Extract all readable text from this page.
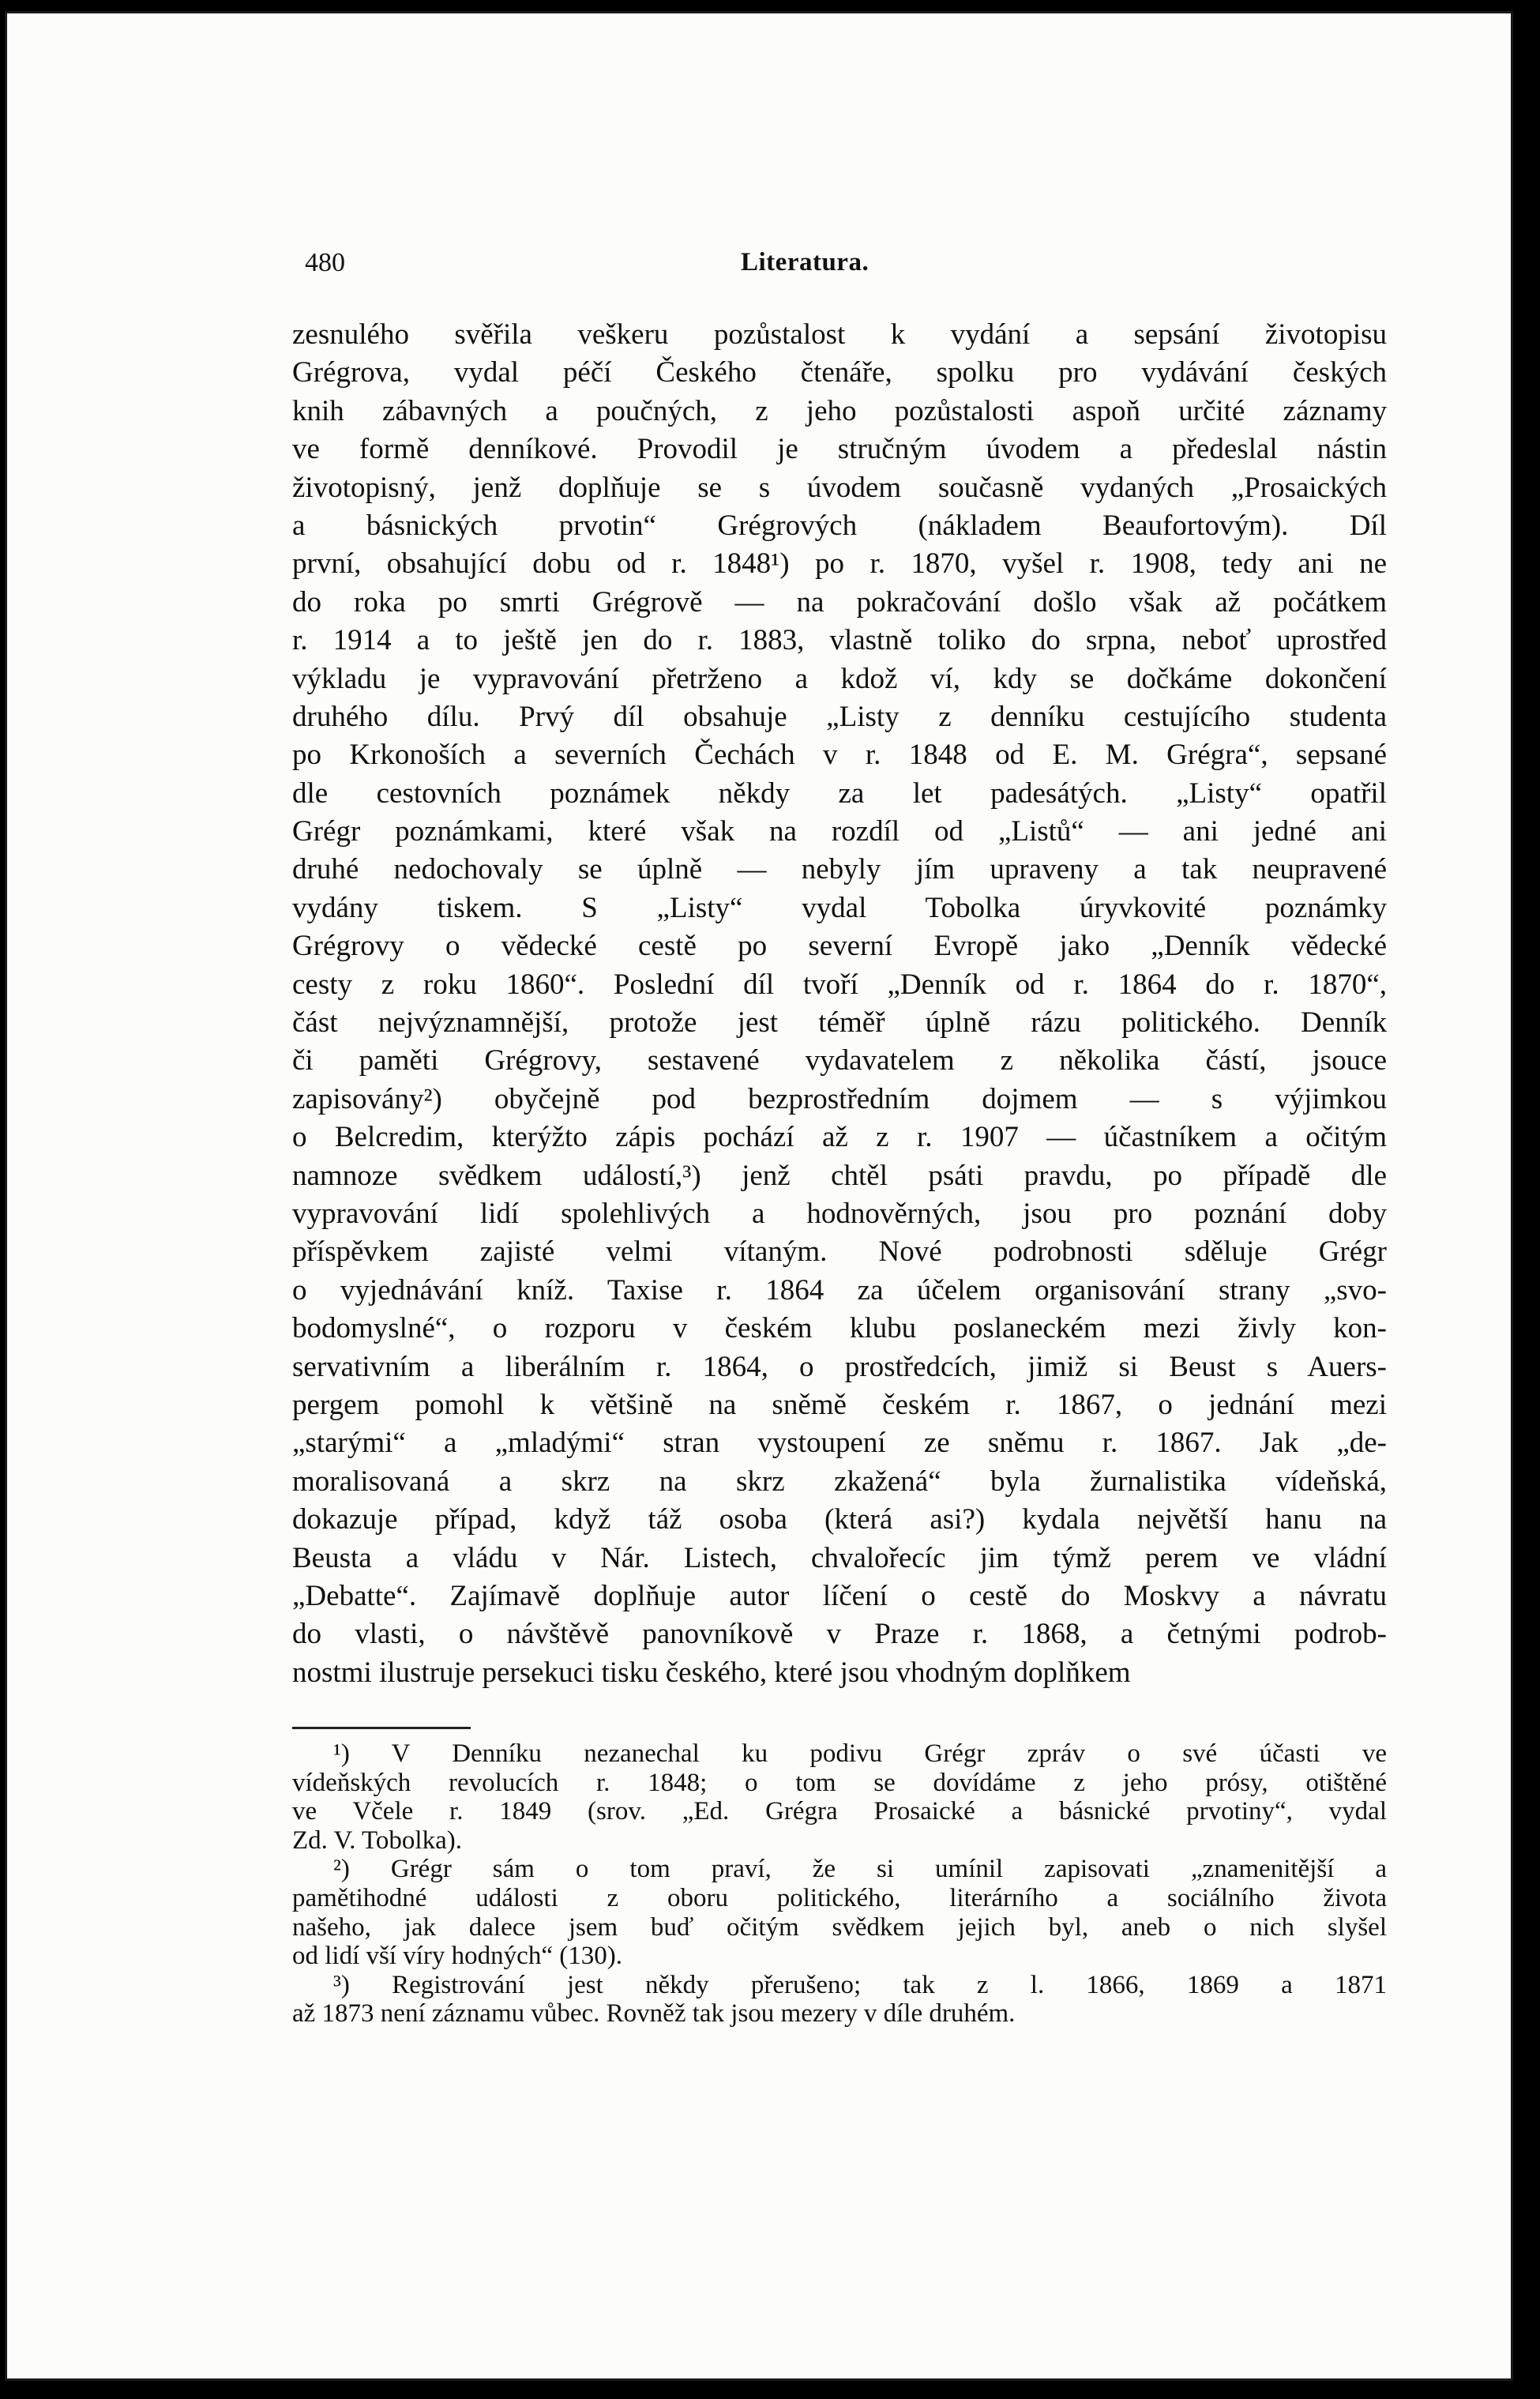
480	Literatura.
zesnulého svěřila veškeru pozůstalost k vydání a sepsání životopisu
Grégrova, vydal péčí Českého čtenáře, spolku pro vydávání českých
knih zábavných a poučných, z jeho pozůstalosti aspoň určité záznamy
ve formě denníkové. Provodil je stručným úvodem a předeslal nástin
životopisný, jenž doplňuje se s úvodem současně vydaných „Prosaických
a básnických prvotin“ Grégrových (nákladem Beaufortovým). Díl
první, obsahující dobu od r. 1848¹) po r. 1870, vyšel r. 1908, tedy ani ne
do roka po smrti Grégrově — na pokračování došlo však až počátkem
r. 1914 a to ještě jen do r. 1883, vlastně toliko do srpna, neboť uprostřed
výkladu je vypravování přetrženo a kdož ví, kdy se dočkáme dokončení
druhého dílu. Prvý díl obsahuje „Listy z denníku cestujícího studenta
po Krkonoších a severních Čechách v r. 1848 od E. M. Grégra“, sepsané
dle cestovních poznámek někdy za let padesátých. „Listy“ opatřil
Grégr poznámkami, které však na rozdíl od „Listů“ — ani jedné ani
druhé nedochovaly se úplně — nebyly jím upraveny a tak neupravené
vydány tiskem. S „Listy“ vydal Tobolka úryvkovité poznámky
Grégrovy o vědecké cestě po severní Evropě jako „Denník vědecké
cesty z roku 1860“. Poslední díl tvoří „Denník od r. 1864 do r. 1870“,
část nejvýznamnější, protože jest téměř úplně rázu politického. Denník
či paměti Grégrovy, sestavené vydavatelem z několika částí, jsouce
zapisovány²) obyčejně pod bezprostředním dojmem — s výjimkou
o Belcredim, kterýžto zápis pochází až z r. 1907 — účastníkem a očitým
namnoze svědkem událostí,³) jenž chtěl psáti pravdu, po případě dle
vypravování lidí spolehlivých a hodnověrných, jsou pro poznání doby
příspěvkem zajisté velmi vítaným. Nové podrobnosti sděluje Grégr
o vyjednávání kníž. Taxise r. 1864 za účelem organisování strany „svo-
bodomyslné“, o rozporu v českém klubu poslaneckém mezi živly kon-
servativním a liberálním r. 1864, o prostředcích, jimiž si Beust s Auers-
pergem pomohl k většině na sněmě českém r. 1867, o jednání mezi
„starými“ a „mladými“ stran vystoupení ze sněmu r. 1867. Jak „de-
moralisovaná a skrz na skrz zkažená“ byla žurnalistika vídeňská,
dokazuje případ, když táž osoba (která asi?) kydala největší hanu na
Beusta a vládu v Nár. Listech, chvalořecíc jim týmž perem ve vládní
„Debatte“. Zajímavě doplňuje autor líčení o cestě do Moskvy a návratu
do vlasti, o návštěvě panovníkově v Praze r. 1868, a četnými podrob-
nostmi ilustruje persekuci tisku českého, které jsou vhodným doplňkem
¹) V Denníku nezanechal ku podivu Grégr zpráv o své účasti ve
vídeňských revolucích r. 1848; o tom se dovídáme z jeho prósy, otištěné
ve Včele r. 1849 (srov. „Ed. Grégra Prosaické a básnické prvotiny“, vydal
Zd. V. Tobolka).
²) Grégr sám o tom praví, že si umínil zapisovati „znamenitější a
pamětihodné události z oboru politického, literárního a sociálního života
našeho, jak dalece jsem buď očitým svědkem jejich byl, aneb o nich slyšel
od lidí vší víry hodných“ (130).
³) Registrování jest někdy přerušeno; tak z l. 1866, 1869 a 1871
až 1873 není záznamu vůbec. Rovněž tak jsou mezery v díle druhém.
